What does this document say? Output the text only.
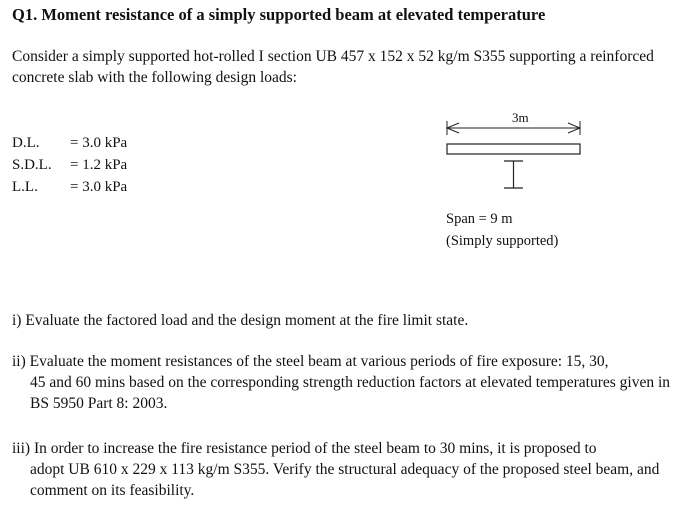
Q1. Moment resistance of a simply supported beam at elevated temperature
Consider a simply supported hot-rolled I section UB 457 x 152 x 52 kg/m S355 supporting a reinforced concrete slab with the following design loads:
D.L. = 3.0 kPa
S.D.L. = 1.2 kPa
L.L. = 3.0 kPa
3m
Span = 9 m
(Simply supported)
i) Evaluate the factored load and the design moment at the fire limit state.
ii) Evaluate the moment resistances of the steel beam at various periods of fire exposure: 15, 30,
45 and 60 mins based on the corresponding strength reduction factors at elevated temperatures given in BS 5950 Part 8: 2003.
iii) In order to increase the fire resistance period of the steel beam to 30 mins, it is proposed to
adopt UB 610 x 229 x 113 kg/m S355. Verify the structural adequacy of the proposed steel beam, and comment on its feasibility.
